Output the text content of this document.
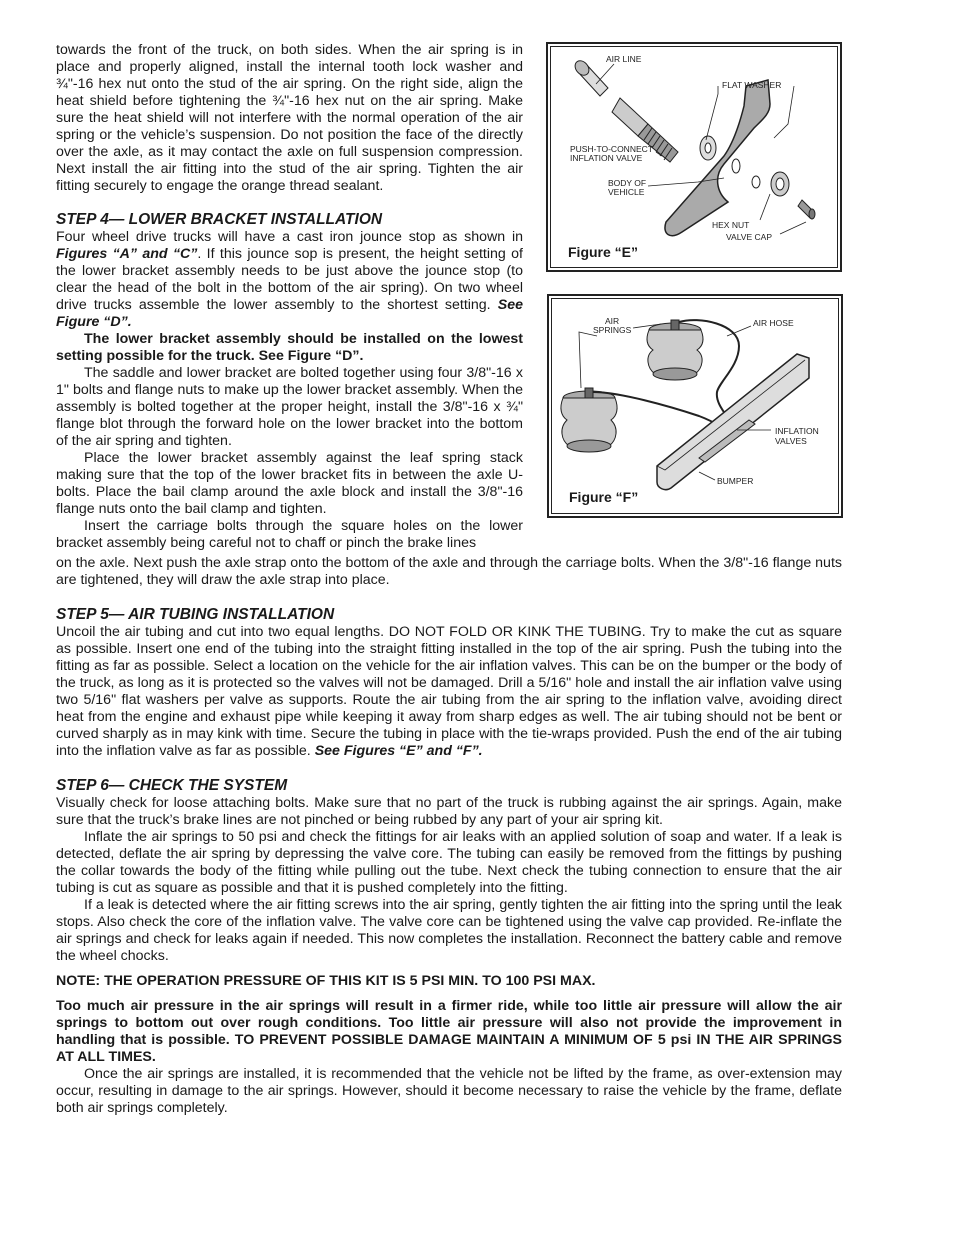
towards the front of the truck, on both sides. When the air spring is in place and properly aligned, install the internal tooth lock washer and ¾"-16 hex nut onto the stud of the air spring. On the right side, align the heat shield before tightening the ¾"-16 hex nut on the air spring. Make sure the heat shield will not interfere with the normal operation of the air spring or the vehicle’s suspension. Do not position the face of the directly over the axle, as it may contact the axle on full suspension compression. Next install the air fitting into the stud of the air spring. Tighten the air fitting securely to engage the orange thread sealant.

STEP 4— LOWER BRACKET INSTALLATION

Four wheel drive trucks will have a cast iron jounce stop as shown in Figures “A” and “C”. If this jounce sop is present, the height setting of the lower bracket assembly needs to be just above the jounce stop (to clear the head of the bolt in the bottom of the air spring). On two wheel drive trucks assemble the lower assembly to the shortest setting. See Figure “D”.

The lower bracket assembly should be installed on the lowest setting possible for the truck. See Figure “D”.

The saddle and lower bracket are bolted together using four 3/8"-16 x 1" bolts and flange nuts to make up the lower bracket assembly. When the assembly is bolted together at the proper height, install the 3/8"-16 x ¾" flange blot through the forward hole on the lower bracket into the bottom of the air spring and tighten.

Place the lower bracket assembly against the leaf spring stack making sure that the top of the lower bracket fits in between the axle U-bolts. Place the bail clamp around the axle block and install the 3/8"-16 flange nuts onto the bail clamp and tighten.

Insert the carriage bolts through the square holes on the lower bracket assembly being careful not to chaff or pinch the brake lines

AIR LINE
FLAT WASHER
PUSH-TO-CONNECT
INFLATION VALVE
BODY OF
VEHICLE
HEX NUT
VALVE CAP
Figure “E”
AIR
SPRINGS
AIR HOSE
INFLATION
VALVES
BUMPER
Figure “F”

on the axle. Next push the axle strap onto the bottom of the axle and through the carriage bolts. When the 3/8"-16 flange nuts are tightened, they will draw the axle strap into place.

STEP 5— AIR TUBING INSTALLATION

Uncoil the air tubing and cut into two equal lengths. DO NOT FOLD OR KINK THE TUBING. Try to make the cut as square as possible. Insert one end of the tubing into the straight fitting installed in the top of the air spring. Push the tubing into the fitting as far as possible. Select a location on the vehicle for the air inflation valves. This can be on the bumper or the body of the truck, as long as it is protected so the valves will not be damaged. Drill a 5/16" hole and install the air inflation valve using two 5/16" flat washers per valve as supports. Route the air tubing from the air spring to the inflation valve, avoiding direct heat from the engine and exhaust pipe while keeping it away from sharp edges as well. The air tubing should not be bent or curved sharply as in may kink with time. Secure the tubing in place with the tie-wraps provided. Push the end of the air tubing into the inflation valve as far as possible. See Figures “E” and “F”.

STEP 6— CHECK THE SYSTEM

Visually check for loose attaching bolts. Make sure that no part of the truck is rubbing against the air springs. Again, make sure that the truck’s brake lines are not pinched or being rubbed by any part of your air spring kit.

Inflate the air springs to 50 psi and check the fittings for air leaks with an applied solution of soap and water. If a leak is detected, deflate the air spring by depressing the valve core. The tubing can easily be removed from the fittings by pushing the collar towards the body of the fitting while pulling out the tube. Next check the tubing connection to ensure that the air tubing is cut as square as possible and that it is pushed completely into the fitting.

If a leak is detected where the air fitting screws into the air spring, gently tighten the air fitting into the spring until the leak stops. Also check the core of the inflation valve. The valve core can be tightened using the valve cap provided. Re-inflate the air springs and check for leaks again if needed. This now completes the installation. Reconnect the battery cable and remove the wheel chocks.

NOTE: THE OPERATION PRESSURE OF THIS KIT IS 5 PSI MIN. TO 100 PSI MAX.

Too much air pressure in the air springs will result in a firmer ride, while too little air pressure will allow the air springs to bottom out over rough conditions. Too little air pressure will also not provide the improvement in handling that is possible. TO PREVENT POSSIBLE DAMAGE MAINTAIN A MINIMUM OF 5 psi IN THE AIR SPRINGS AT ALL TIMES.

Once the air springs are installed, it is recommended that the vehicle not be lifted by the frame, as over-extension may occur, resulting in damage to the air springs. However, should it become necessary to raise the vehicle by the frame, deflate both air springs completely.
